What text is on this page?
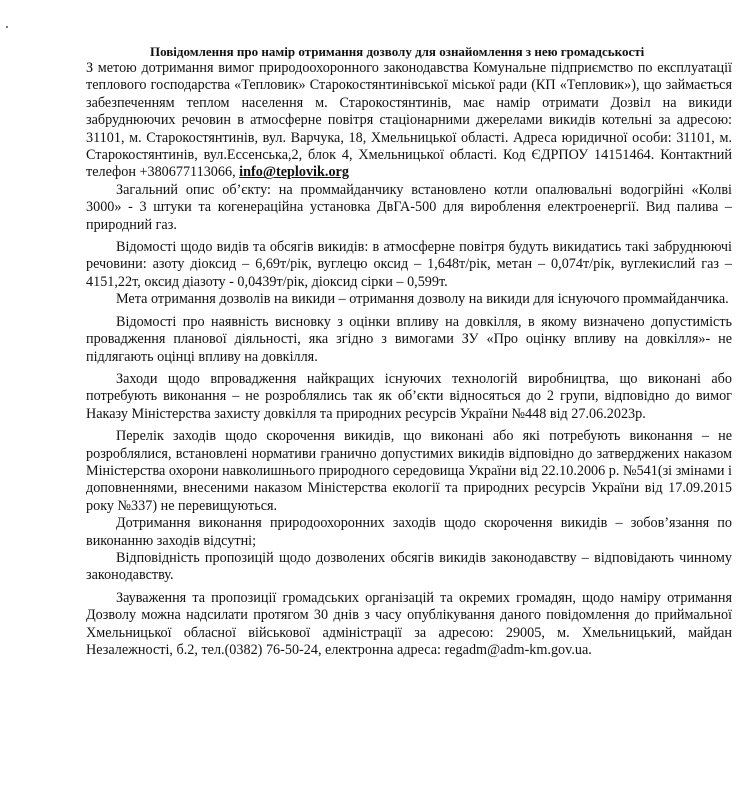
Повідомлення про намір отримання дозволу для ознайомлення з нею громадськості

З метою дотримання вимог природоохоронного законодавства Комунальне підприємство по експлуатації теплового господарства «Тепловик» Старокостянтинівської міської ради (КП «Тепловик»), що займається забезпеченням теплом населення м. Старокостянтинів, має намір отримати Дозвіл на викиди забруднюючих речовин в атмосферне повітря стаціонарними джерелами викидів котельні за адресою: 31101, м. Старокостянтинів, вул. Варчука, 18, Хмельницької області. Адреса юридичної особи: 31101, м. Старокостянтинів, вул.Ессенська,2, блок 4, Хмельницької області. Код ЄДРПОУ 14151464. Контактний телефон +380677113066, info@teplovik.org

Загальний опис об’єкту: на проммайданчику встановлено котли опалювальні водогрійні «Колві 3000» - 3 штуки та когенераційна установка ДвГА-500 для вироблення електроенергії. Вид палива – природний газ.

Відомості щодо видів та обсягів викидів: в атмосферне повітря будуть викидатись такі забруднюючі речовини: азоту діоксид – 6,69т/рік, вуглецю оксид – 1,648т/рік, метан – 0,074т/рік, вуглекислий газ – 4151,22т, оксид діазоту - 0,0439т/рік, діоксид сірки – 0,599т.

Мета отримання дозволів на викиди – отримання дозволу на викиди для існуючого проммайданчика.

Відомості про наявність висновку з оцінки впливу на довкілля, в якому визначено допустимість провадження планової діяльності, яка згідно з вимогами ЗУ «Про оцінку впливу на довкілля»- не підлягають оцінці впливу на довкілля.

Заходи щодо впровадження найкращих існуючих технологій виробництва, що виконані або потребують виконання – не розроблялись так як об’єкти відносяться до 2 групи, відповідно до вимог Наказу Міністерства захисту довкілля та природних ресурсів України №448 від 27.06.2023р.

Перелік заходів щодо скорочення викидів, що виконані або які потребують виконання – не розроблялися, встановлені нормативи гранично допустимих викидів відповідно до затверджених наказом Міністерства охорони навколишнього природного середовища України від 22.10.2006 р. №541(зі змінами і доповненнями, внесеними наказом Міністерства екології та природних ресурсів України від 17.09.2015 року №337) не перевищуються.

Дотримання виконання природоохоронних заходів щодо скорочення викидів – зобов’язання по виконанню заходів відсутні;

Відповідність пропозицій щодо дозволених обсягів викидів законодавству – відповідають чинному законодавству.

Зауваження та пропозиції громадських організацій та окремих громадян, щодо наміру отримання Дозволу можна надсилати протягом 30 днів з часу опублікування даного повідомлення до приймальної Хмельницької обласної військової адміністрації за адресою: 29005, м. Хмельницький, майдан Незалежності, б.2, тел.(0382) 76-50-24, електронна адреса: regadm@adm-km.gov.ua.
